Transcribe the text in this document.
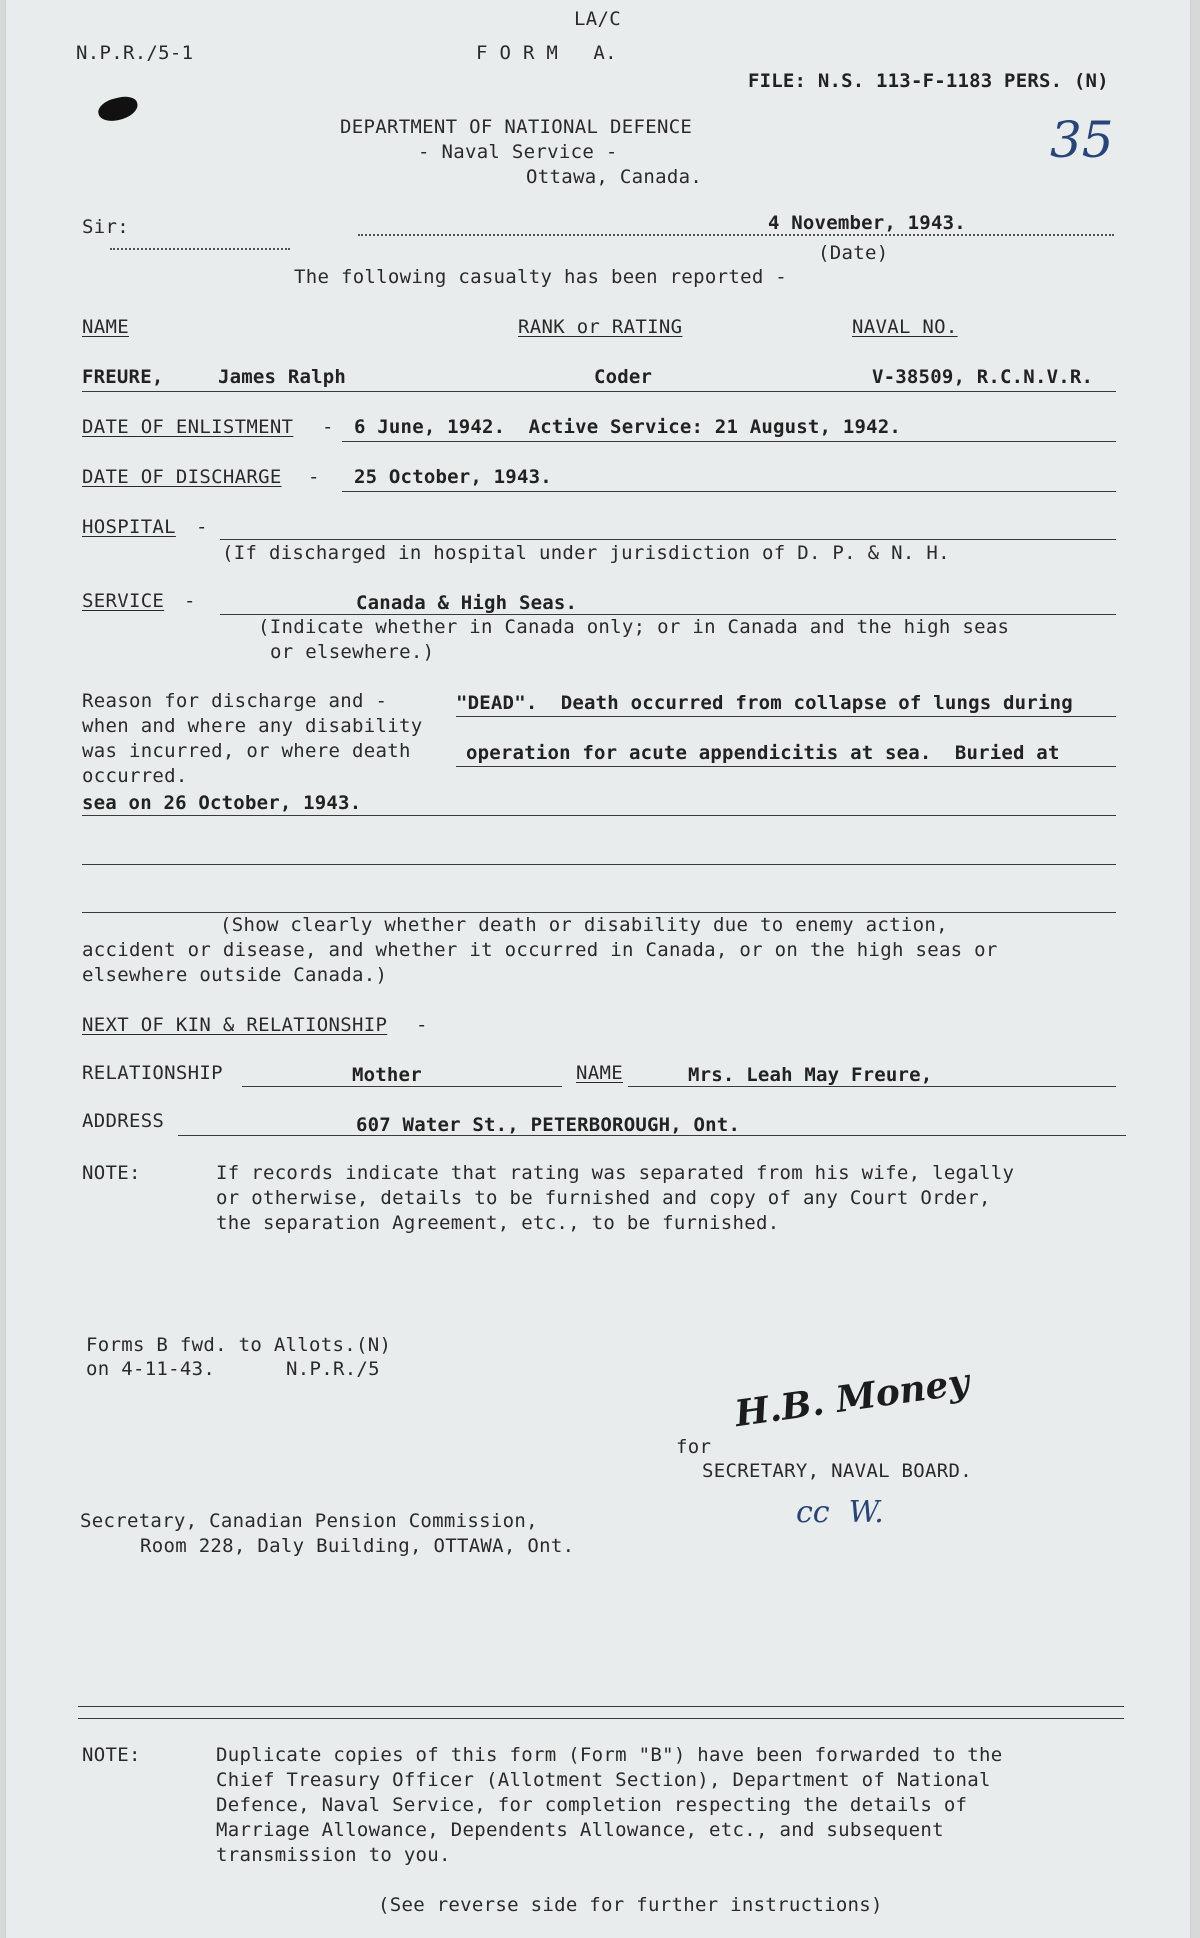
LA/C
N.P.R./5-1	F O R M   A.
FILE: N.S. 113-F-1183 PERS. (N)
DEPARTMENT OF NATIONAL DEFENCE
- Naval Service -
Ottawa, Canada.
35
Sir:	4 November, 1943.
(Date)
The following casualty has been reported -
NAME	RANK or RATING	NAVAL NO.
FREURE,	James Ralph	Coder	V-38509, R.C.N.V.R.
DATE OF ENLISTMENT - 6 June, 1942.  Active Service: 21 August, 1942.
DATE OF DISCHARGE - 25 October, 1943.
HOSPITAL -
(If discharged in hospital under jurisdiction of D. P. & N. H.
SERVICE -	Canada & High Seas.
(Indicate whether in Canada only; or in Canada and the high seas
or elsewhere.)
Reason for discharge and -
when and where any disability
was incurred, or where death
occurred.
"DEAD".  Death occurred from collapse of lungs during
operation for acute appendicitis at sea.  Buried at
sea on 26 October, 1943.
(Show clearly whether death or disability due to enemy action,
accident or disease, and whether it occurred in Canada, or on the high seas or
elsewhere outside Canada.)
NEXT OF KIN & RELATIONSHIP -
RELATIONSHIP	Mother	NAME	Mrs. Leah May Freure,
ADDRESS	607 Water St., PETERBOROUGH, Ont.
NOTE:	If records indicate that rating was separated from his wife, legally
or otherwise, details to be furnished and copy of any Court Order,
the separation Agreement, etc., to be furnished.
Forms B fwd. to Allots.(N)
on 4-11-43.	N.P.R./5	H.B. Money
for
SECRETARY, NAVAL BOARD.
cc  W.
Secretary, Canadian Pension Commission,
Room 228, Daly Building, OTTAWA, Ont.
NOTE:	Duplicate copies of this form (Form "B") have been forwarded to the
Chief Treasury Officer (Allotment Section), Department of National
Defence, Naval Service, for completion respecting the details of
Marriage Allowance, Dependents Allowance, etc., and subsequent
transmission to you.
(See reverse side for further instructions)
